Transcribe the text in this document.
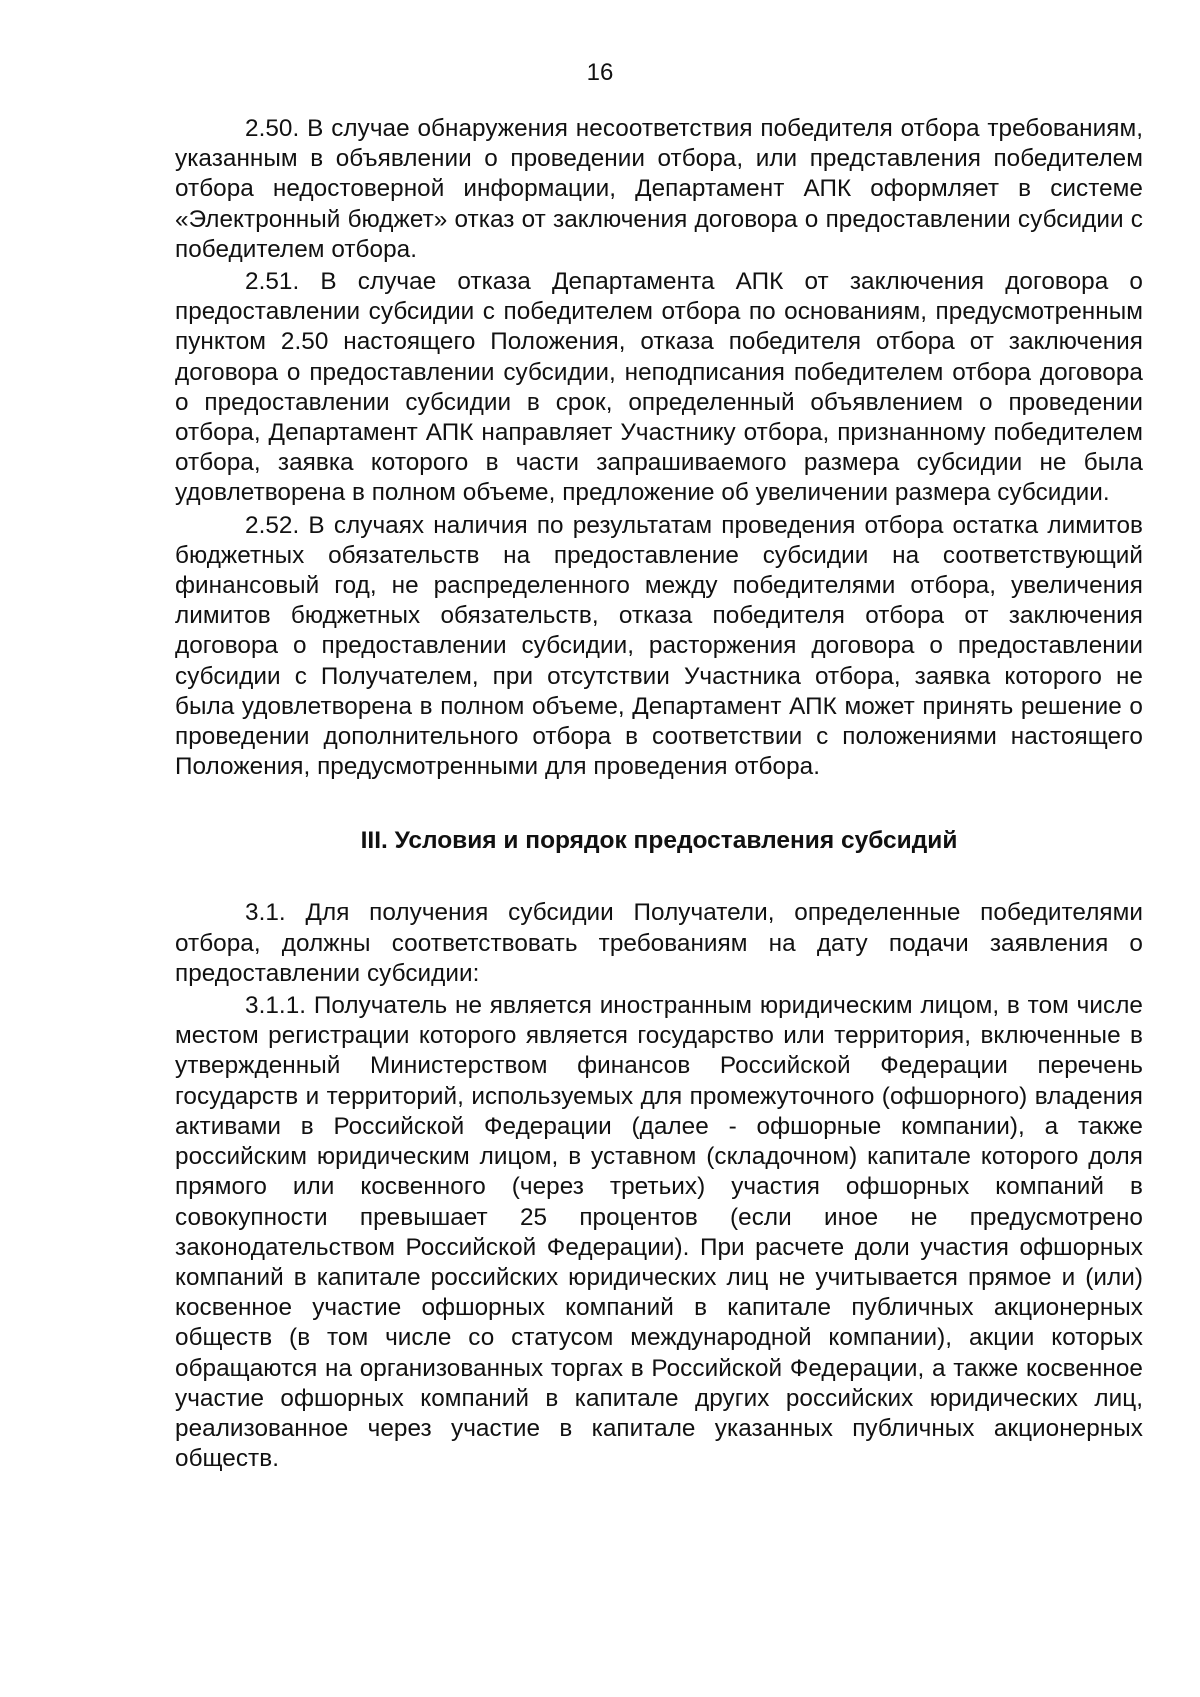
16

2.50. В случае обнаружения несоответствия победителя отбора требованиям, указанным в объявлении о проведении отбора, или представления победителем отбора недостоверной информации, Департамент АПК оформляет в системе «Электронный бюджет» отказ от заключения договора о предоставлении субсидии с победителем отбора.

2.51. В случае отказа Департамента АПК от заключения договора о предоставлении субсидии с победителем отбора по основаниям, предусмотренным пунктом 2.50 настоящего Положения, отказа победителя отбора от заключения договора о предоставлении субсидии, неподписания победителем отбора договора о предоставлении субсидии в срок, определенный объявлением о проведении отбора, Департамент АПК направляет Участнику отбора, признанному победителем отбора, заявка которого в части запрашиваемого размера субсидии не была удовлетворена в полном объеме, предложение об увеличении размера субсидии.

2.52. В случаях наличия по результатам проведения отбора остатка лимитов бюджетных обязательств на предоставление субсидии на соответствующий финансовый год, не распределенного между победителями отбора, увеличения лимитов бюджетных обязательств, отказа победителя отбора от заключения договора о предоставлении субсидии, расторжения договора о предоставлении субсидии с Получателем, при отсутствии Участника отбора, заявка которого не была удовлетворена в полном объеме, Департамент АПК может принять решение о проведении дополнительного отбора в соответствии с положениями настоящего Положения, предусмотренными для проведения отбора.

III. Условия и порядок предоставления субсидий

3.1. Для получения субсидии Получатели, определенные победителями отбора, должны соответствовать требованиям на дату подачи заявления о предоставлении субсидии:

3.1.1. Получатель не является иностранным юридическим лицом, в том числе местом регистрации которого является государство или территория, включенные в утвержденный Министерством финансов Российской Федерации перечень государств и территорий, используемых для промежуточного (офшорного) владения активами в Российской Федерации (далее - офшорные компании), а также российским юридическим лицом, в уставном (складочном) капитале которого доля прямого или косвенного (через третьих) участия офшорных компаний в совокупности превышает 25 процентов (если иное не предусмотрено законодательством Российской Федерации). При расчете доли участия офшорных компаний в капитале российских юридических лиц не учитывается прямое и (или) косвенное участие офшорных компаний в капитале публичных акционерных обществ (в том числе со статусом международной компании), акции которых обращаются на организованных торгах в Российской Федерации, а также косвенное участие офшорных компаний в капитале других российских юридических лиц, реализованное через участие в капитале указанных публичных акционерных обществ.
